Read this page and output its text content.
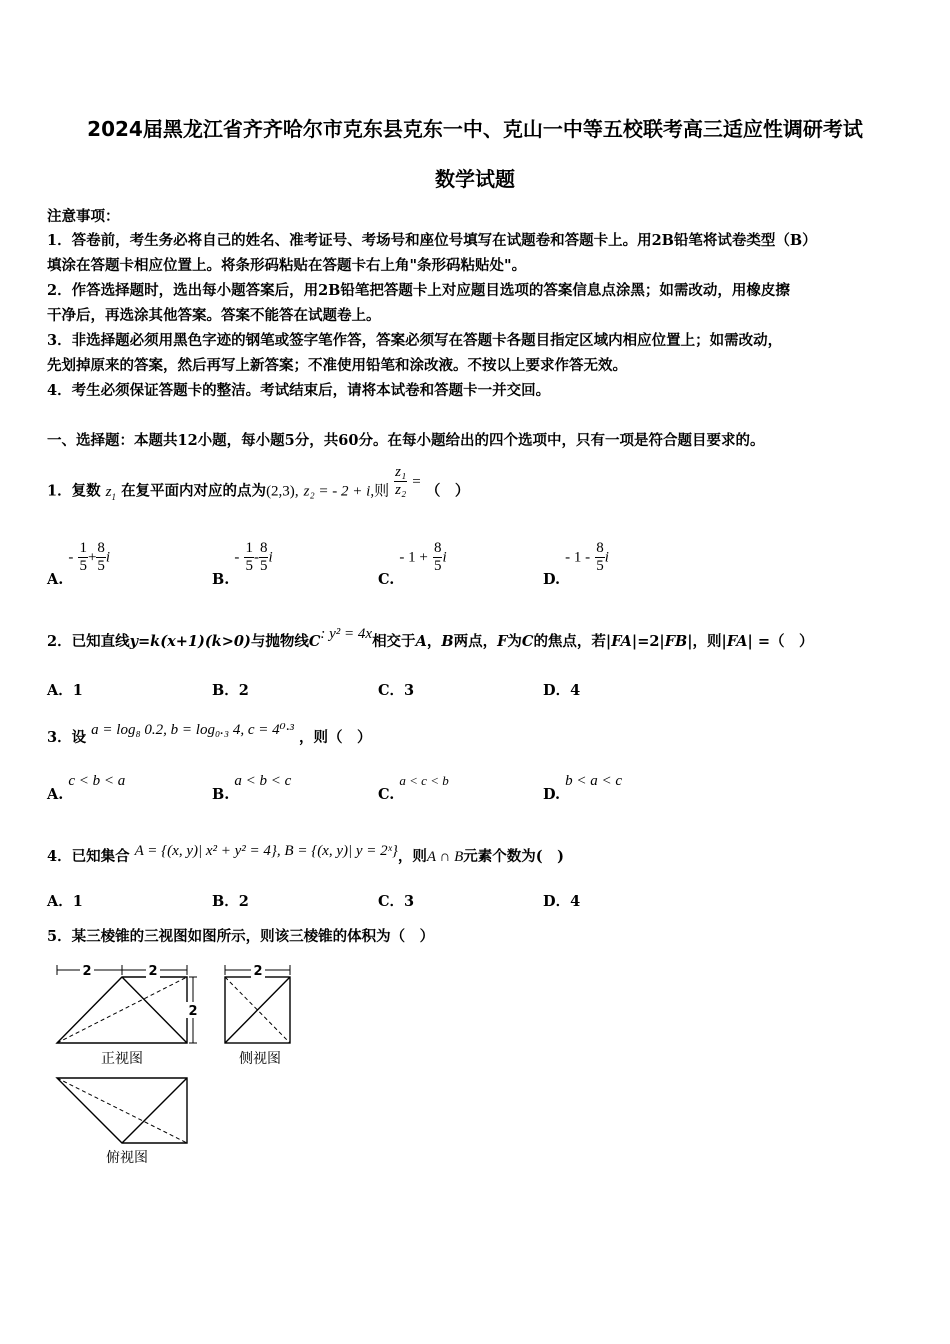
2024届黑龙江省齐齐哈尔市克东县克东一中、克山一中等五校联考高三适应性调研考试
数学试题
注意事项：
1．答卷前，考生务必将自己的姓名、准考证号、考场号和座位号填写在试题卷和答题卡上。用2B铅笔将试卷类型（B）
填涂在答题卡相应位置上。将条形码粘贴在答题卡右上角"条形码粘贴处"。
2．作答选择题时，选出每小题答案后，用2B铅笔把答题卡上对应题目选项的答案信息点涂黑；如需改动，用橡皮擦
干净后，再选涂其他答案。答案不能答在试题卷上。
3．非选择题必须用黑色字迹的钢笔或签字笔作答，答案必须写在答题卡各题目指定区域内相应位置上；如需改动，
先划掉原来的答案，然后再写上新答案；不准使用铅笔和涂改液。不按以上要求作答无效。
4．考生必须保证答题卡的整洁。考试结束后，请将本试卷和答题卡一并交回。
一、选择题：本题共12小题，每小题5分，共60分。在每小题给出的四个选项中，只有一项是符合题目要求的。
1．复数 $z_1$ 在复平面内对应的点为(2,3), z₂ = - 2 + i,则 $\frac{\text{z₁}}{\text{z₂}}$ = （　）
A. - $\frac{1}{5} + \frac{8}{5}$ i
B. - $\frac{1}{5} - \frac{8}{5}$ i
C. - $1 + \frac{8}{5}$ i
D. - $1 - \frac{8}{5}$ i
2．已知直线y=k(x+1)(k>0)与抛物线C: y² = 4x相交于A，B两点，F为C的焦点，若|FA|=2|FB|，则|FA| =（　）
A．1	B．2	C．3	D．4
3．设 a = log₈ 0.2, b = log₀.₃ 4, c = 4⁰·³ ，则（　）
A. c < b < a
B. a < b < c
C. a < c < b
D. b < a < c
4．已知集合 A = {(x, y)| x² + y² = 4}, B = {(x, y)| y = 2ˣ}，则A ∩ B元素个数为(　)
A．1	B．2	C．3	D．4
5．某三棱锥的三视图如图所示，则该三棱锥的体积为（　）
2	2
2
正视图
2
侧视图
俯视图
